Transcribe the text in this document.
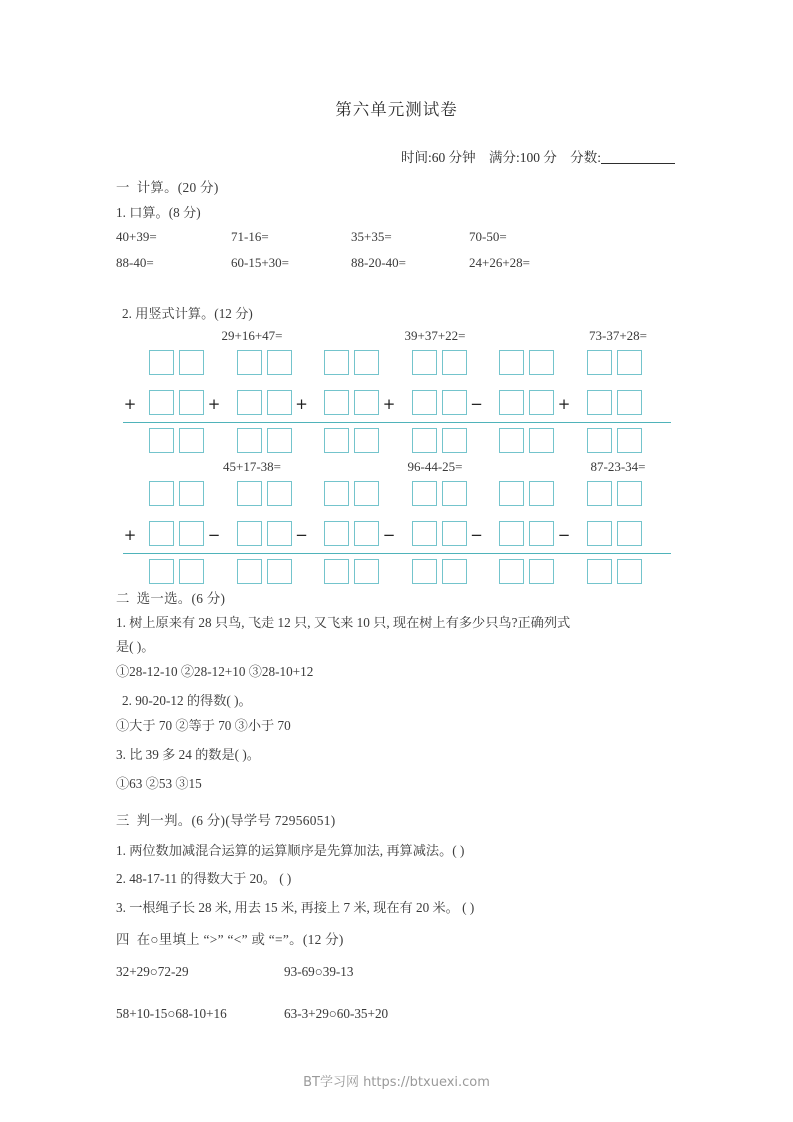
第六单元测试卷
时间:60 分钟 满分:100 分 分数:
一 计算。(20 分)
1. 口算。(8 分)
40+39=	71-16=	35+35=	70-50=
88-40=	60-15+30=	88-20-40=	24+26+28=
2. 用竖式计算。(12 分)
29+16+47=	39+37+22=	73-37+28=
+	+	+	+	−	+
45+17-38=	96-44-25=	87-23-34=
+	−	−	−	−	−
二 选一选。(6 分)
1. 树上原来有 28 只鸟, 飞走 12 只, 又飞来 10 只, 现在树上有多少只鸟?正确列式
是( )。
①28-12-10 ②28-12+10 ③28-10+12
2. 90-20-12 的得数( )。
①大于 70 ②等于 70 ③小于 70
3. 比 39 多 24 的数是( )。
①63 ②53 ③15
三 判一判。(6 分)(导学号 72956051)
1. 两位数加减混合运算的运算顺序是先算加法, 再算减法。( )
2. 48-17-11 的得数大于 20。 ( )
3. 一根绳子长 28 米, 用去 15 米, 再接上 7 米, 现在有 20 米。 ( )
四 在○里填上 “>” “<” 或 “=”。(12 分)
32+29○72-29	93-69○39-13
58+10-15○68-10+16	63-3+29○60-35+20
BT学习网 https://btxuexi.com
